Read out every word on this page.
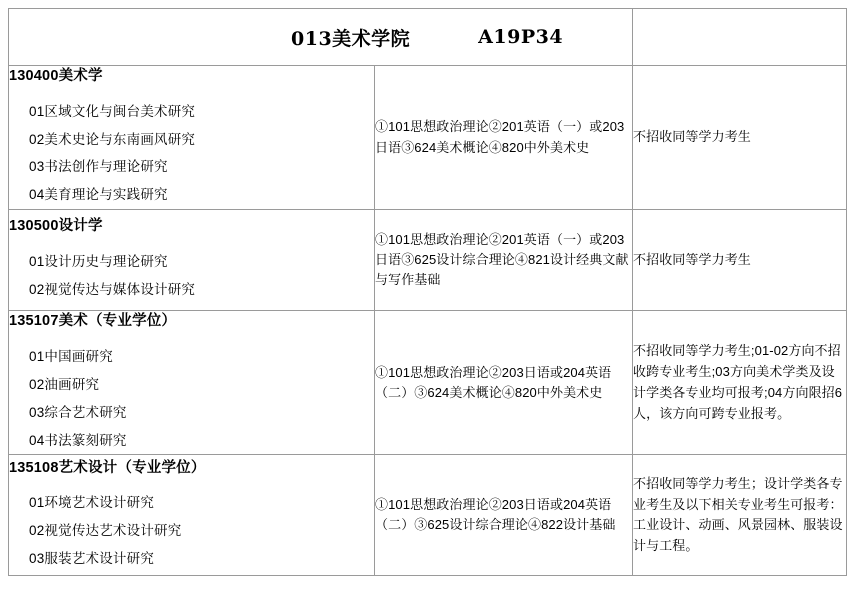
013美术学院 A19P34		

130400美术学
01区域文化与闽台美术研究
02美术史论与东南画风研究
03书法创作与理论研究
04美育理论与实践研究

①101思想政治理论②201英语（一）或203日语③624美术概论④820中外美术史

不招收同等学力考生

130500设计学
01设计历史与理论研究
02视觉传达与媒体设计研究

①101思想政治理论②201英语（一）或203日语③625设计综合理论④821设计经典文献与写作基础

不招收同等学力考生

135107美术（专业学位）
01中国画研究
02油画研究
03综合艺术研究
04书法篆刻研究

①101思想政治理论②203日语或204英语（二）③624美术概论④820中外美术史

不招收同等学力考生;01-02方向不招收跨专业考生;03方向美术学类及设计学类各专业均可报考;04方向限招6人，该方向可跨专业报考。

135108艺术设计（专业学位）
01环境艺术设计研究
02视觉传达艺术设计研究
03服装艺术设计研究

①101思想政治理论②203日语或204英语（二）③625设计综合理论④822设计基础

不招收同等学力考生；设计学类各专业考生及以下相关专业考生可报考：工业设计、动画、风景园林、服装设计与工程。
